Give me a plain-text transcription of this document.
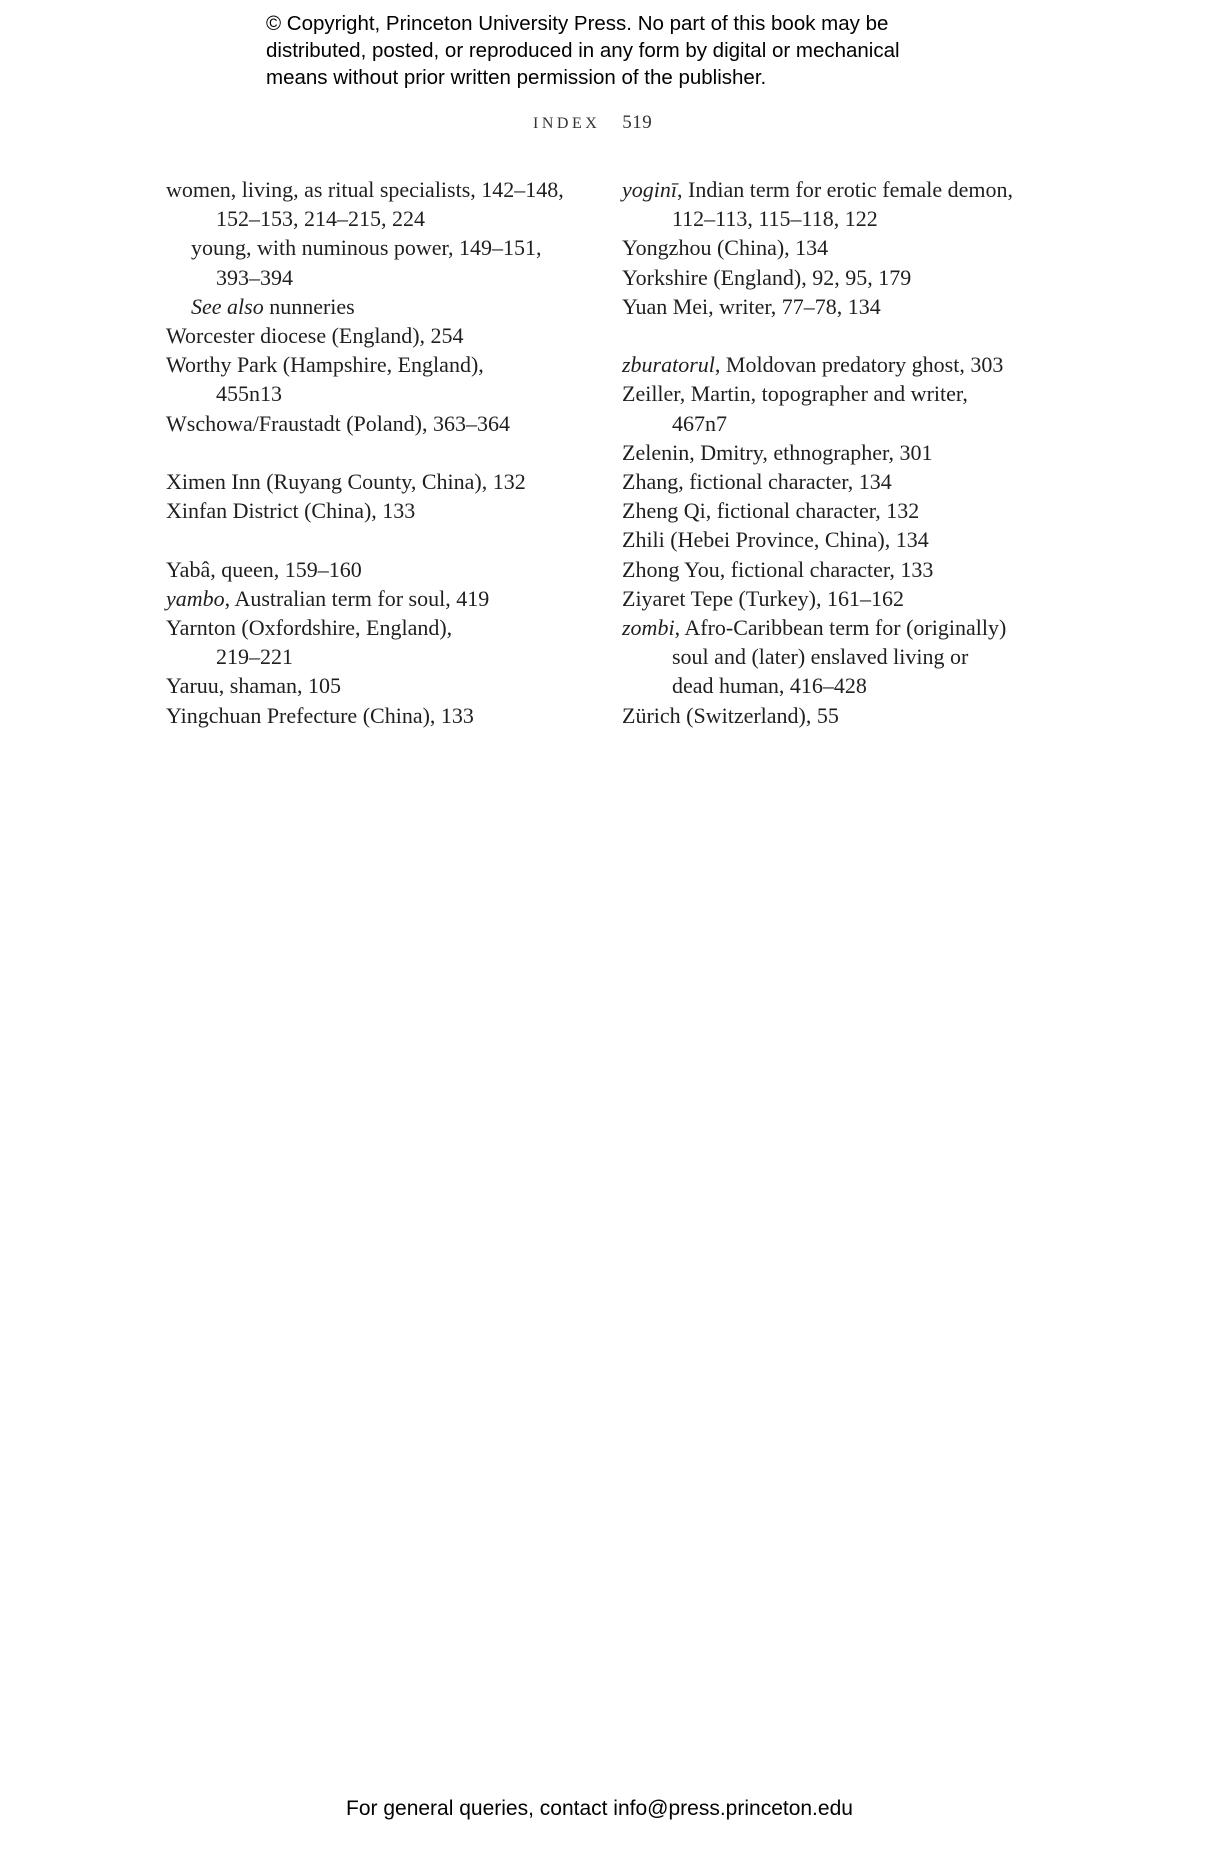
© Copyright, Princeton University Press. No part of this book may be
distributed, posted, or reproduced in any form by digital or mechanical
means without prior written permission of the publisher.
INDEX 519
women, living, as ritual specialists, 142–148,
152–153, 214–215, 224
young, with numinous power, 149–151,
393–394
See also nunneries
Worcester diocese (England), 254
Worthy Park (Hampshire, England),
455n13
Wschowa/Fraustadt (Poland), 363–364
Ximen Inn (Ruyang County, China), 132
Xinfan District (China), 133
Yabâ, queen, 159–160
yambo, Australian term for soul, 419
Yarnton (Oxfordshire, England),
219–221
Yaruu, shaman, 105
Yingchuan Prefecture (China), 133
yoginī, Indian term for erotic female demon,
112–113, 115–118, 122
Yongzhou (China), 134
Yorkshire (England), 92, 95, 179
Yuan Mei, writer, 77–78, 134
zburatorul, Moldovan predatory ghost, 303
Zeiller, Martin, topographer and writer,
467n7
Zelenin, Dmitry, ethnographer, 301
Zhang, fictional character, 134
Zheng Qi, fictional character, 132
Zhili (Hebei Province, China), 134
Zhong You, fictional character, 133
Ziyaret Tepe (Turkey), 161–162
zombi, Afro-Caribbean term for (originally)
soul and (later) enslaved living or
dead human, 416–428
Zürich (Switzerland), 55
For general queries, contact info@press.princeton.edu
